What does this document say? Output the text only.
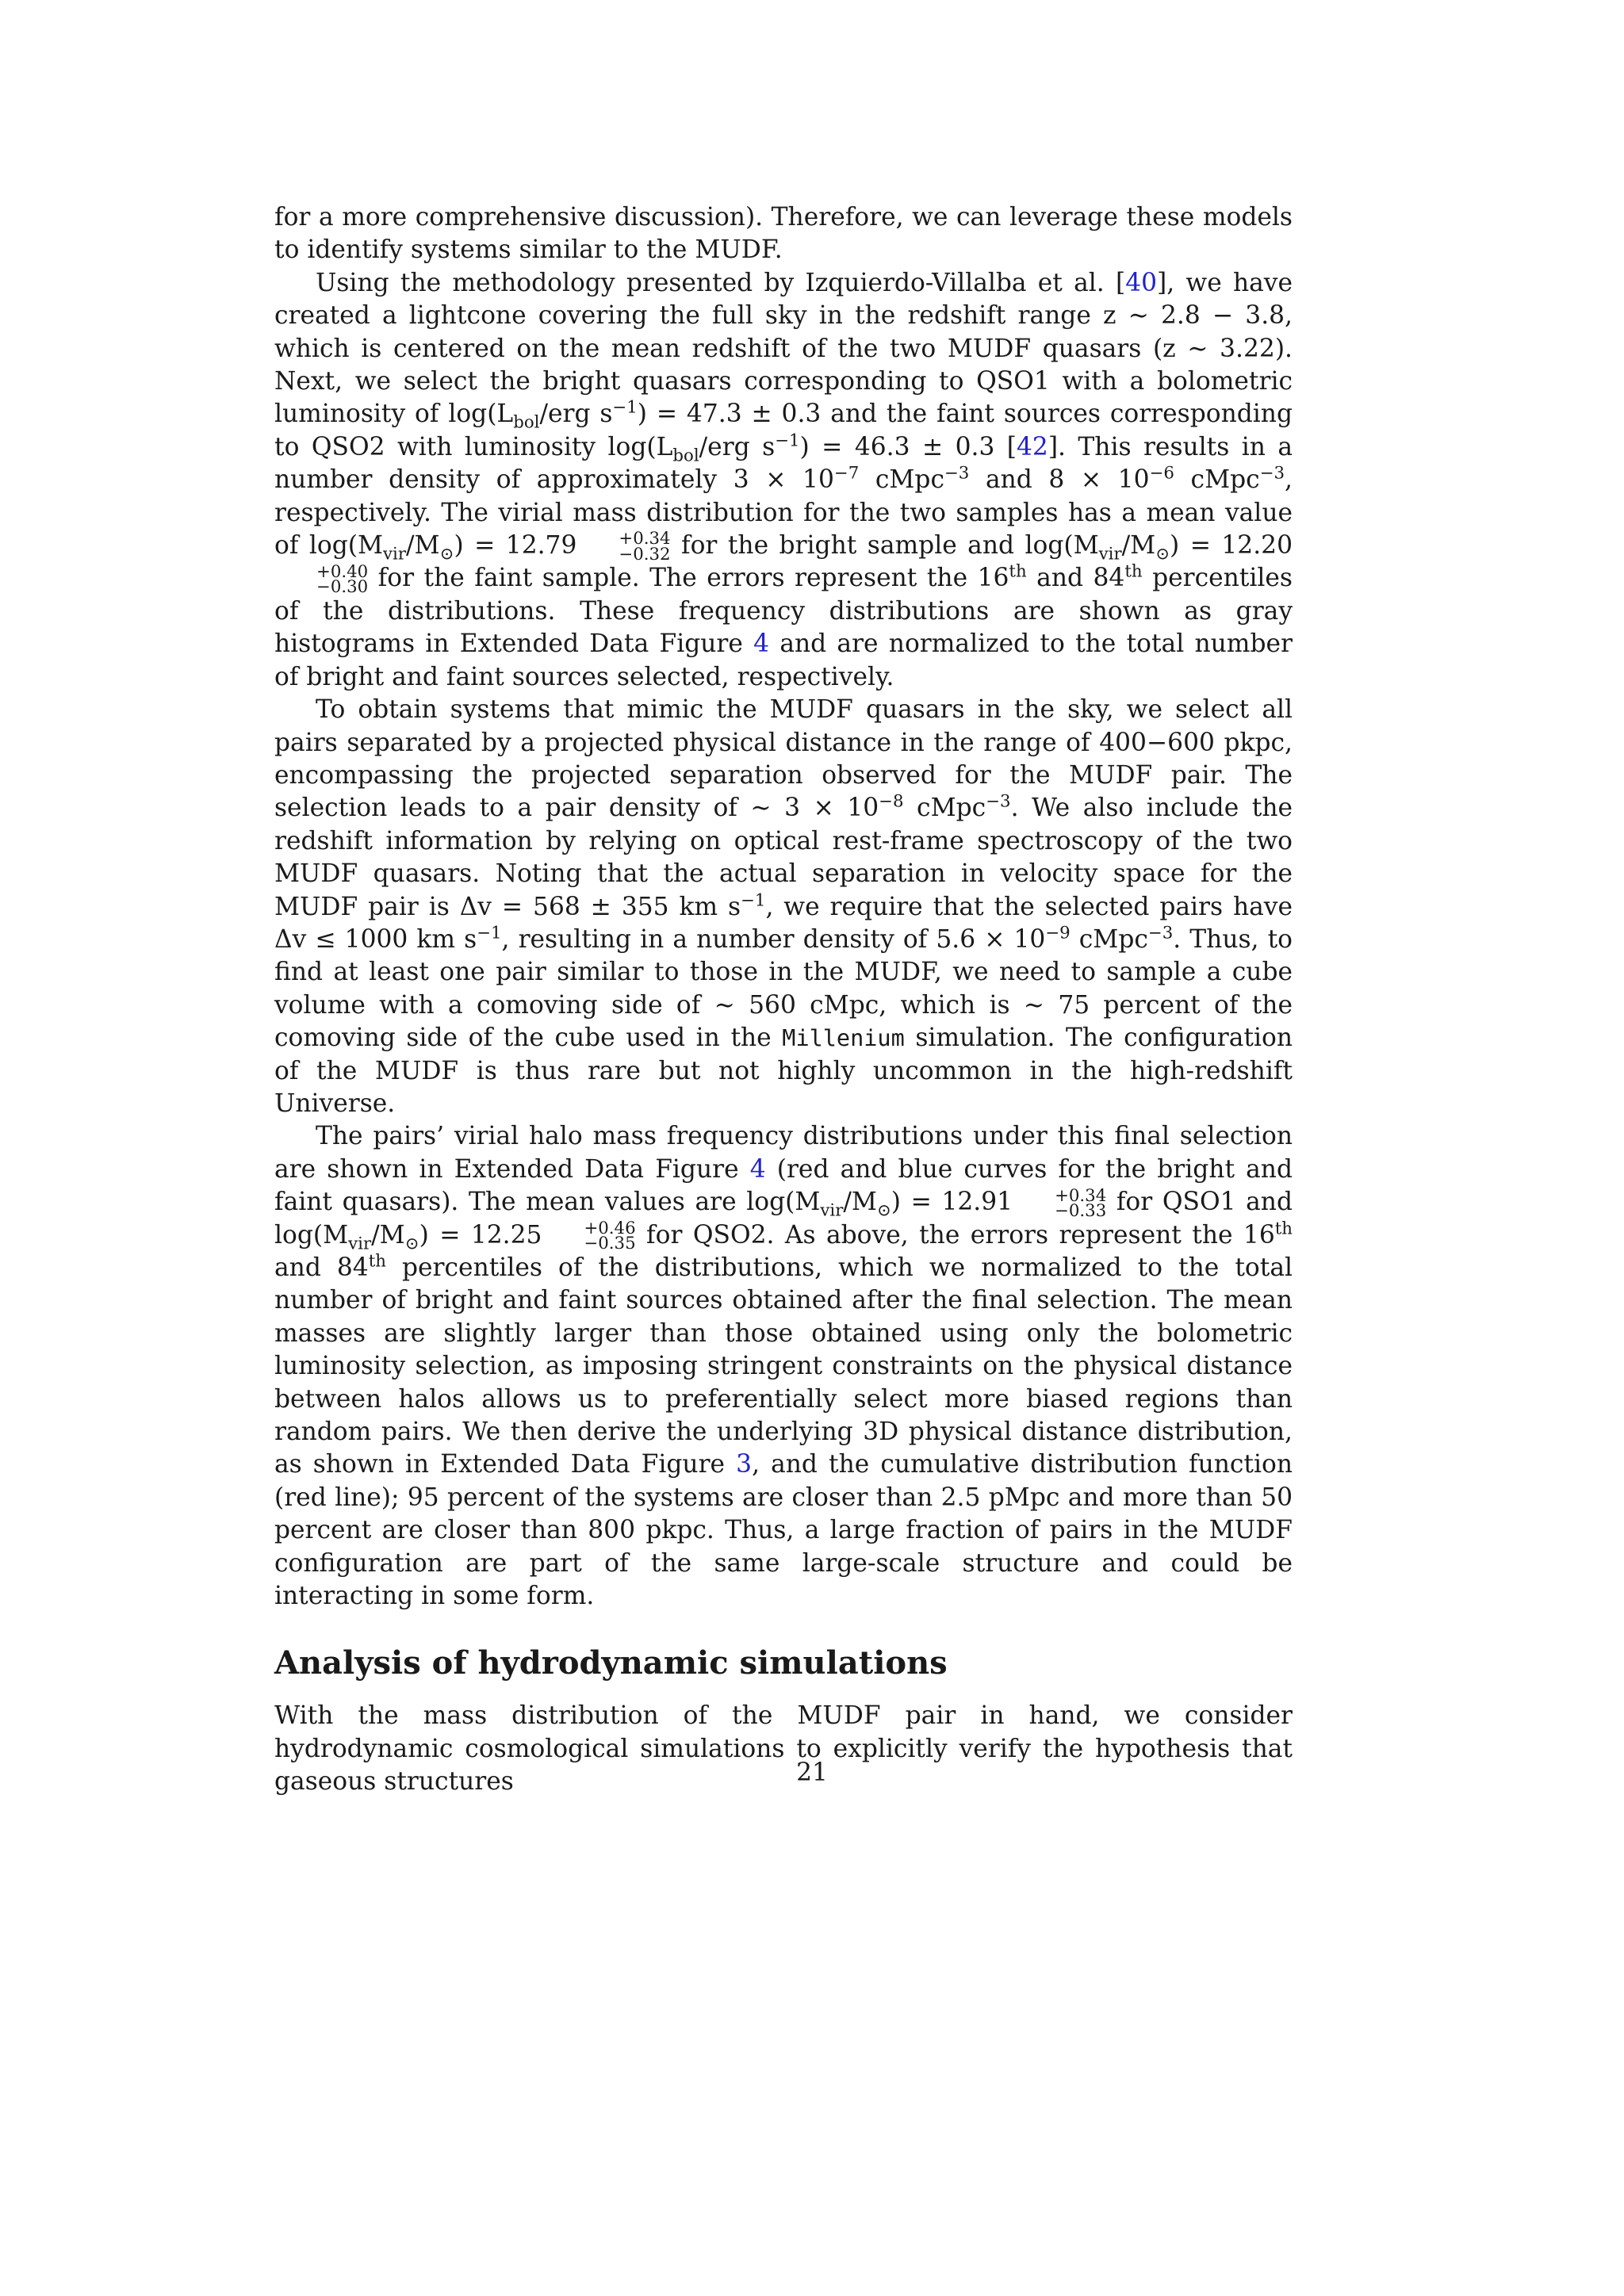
for a more comprehensive discussion). Therefore, we can leverage these models to identify systems similar to the MUDF.

Using the methodology presented by Izquierdo-Villalba et al. [40], we have created a lightcone covering the full sky in the redshift range z ∼ 2.8 − 3.8, which is centered on the mean redshift of the two MUDF quasars (z ∼ 3.22). Next, we select the bright quasars corresponding to QSO1 with a bolometric luminosity of $\log(L_{bol}$/erg $s^{-1}) = 47.3 \pm 0.3$ and the faint sources corresponding to QSO2 with luminosity $\log(L_{bol}$/erg $s^{-1}) = 46.3 \pm 0.3$ [42]. This results in a number density of approximately $3 \times 10^{-7}$ cMpc$^{-3}$ and $8 \times 10^{-6}$ cMpc$^{-3}$, respectively. The virial mass distribution for the two samples has a mean value of $\log(M_{vir}/M_⊙) = 12.79$	+0.34
−0.32 for the bright sample and $\log(M_{vir}/M_⊙) = 12.20$
+0.40
−0.30 for the faint sample. The errors represent the 16th and 84th percentiles of the distributions. These frequency distributions are shown as gray histograms in Extended Data Figure 4 and are normalized to the total number of bright and faint sources selected, respectively.

To obtain systems that mimic the MUDF quasars in the sky, we select all pairs separated by a projected physical distance in the range of 400−600 pkpc, encompassing the projected separation observed for the MUDF pair. The selection leads to a pair density of ∼ $3 \times 10^{-8}$ cMpc$^{-3}$. We also include the redshift information by relying on optical rest-frame spectroscopy of the two MUDF quasars. Noting that the actual separation in velocity space for the MUDF pair is Δv = 568 ± 355 km $s^{-1}$, we require that the selected pairs have Δv ≤ 1000 km $s^{-1}$, resulting in a number density of $5.6 \times 10^{-9}$ cMpc$^{-3}$. Thus, to find at least one pair similar to those in the MUDF, we need to sample a cube volume with a comoving side of ∼ 560 cMpc, which is ∼ 75 percent of the comoving side of the cube used in the Millenium simulation. The configuration of the MUDF is thus rare but not highly uncommon in the high-redshift Universe.

The pairs’ virial halo mass frequency distributions under this final selection are shown in Extended Data Figure 4 (red and blue curves for the bright and faint quasars). The mean values are $\log(M_{vir}/M_⊙) = 12.91$	+0.34
−0.33 for QSO1 and $\log(M_{vir}/M_⊙) = 12.25$	+0.46
−0.35 for QSO2. As above, the errors represent the 16th and 84th percentiles of the distributions, which we normalized to the total number of bright and faint sources obtained after the final selection. The mean masses are slightly larger than those obtained using only the bolometric luminosity selection, as imposing stringent constraints on the physical distance between halos allows us to preferentially select more biased regions than random pairs. We then derive the underlying 3D physical distance distribution, as shown in Extended Data Figure 3, and the cumulative distribution function (red line); 95 percent of the systems are closer than 2.5 pMpc and more than 50 percent are closer than 800 pkpc. Thus, a large fraction of pairs in the MUDF configuration are part of the same large-scale structure and could be interacting in some form.

Analysis of hydrodynamic simulations

With the mass distribution of the MUDF pair in hand, we consider hydrodynamic cosmological simulations to explicitly verify the hypothesis that gaseous structures	21
